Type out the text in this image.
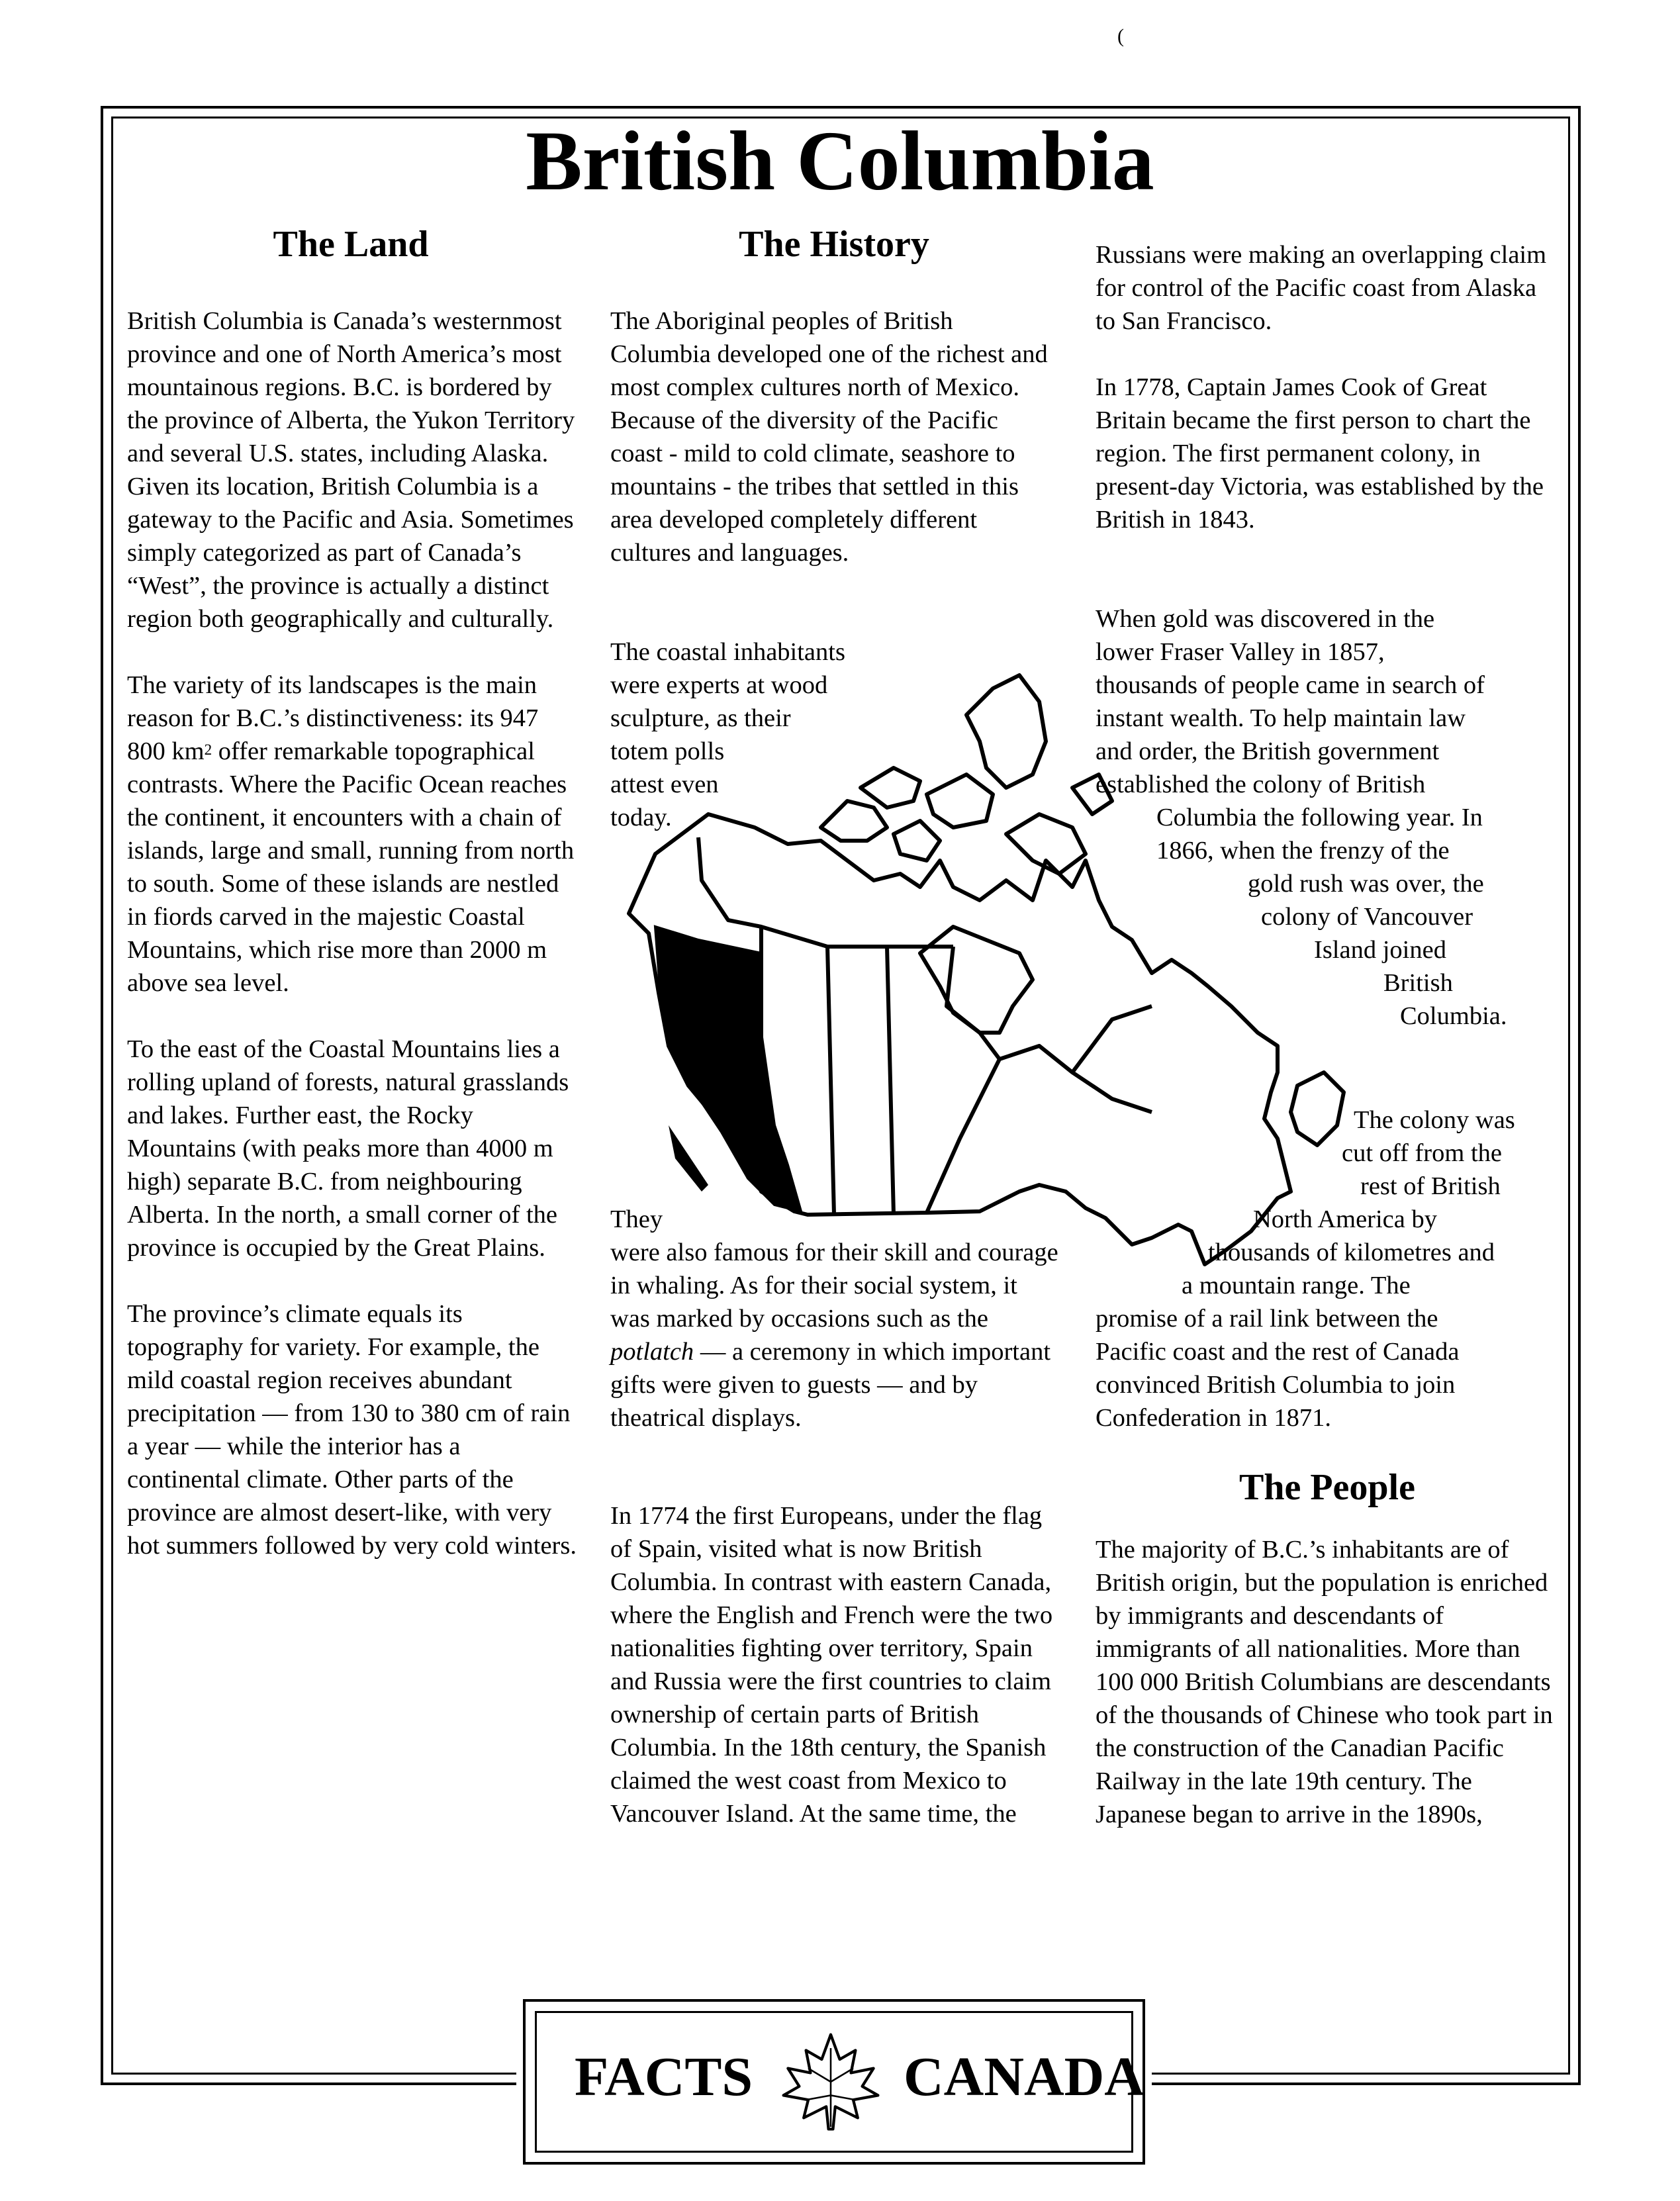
(
British Columbia
The Land

British Columbia is Canada’s westernmost province and one of North America’s most mountainous regions. B.C. is bordered by the province of Alberta, the Yukon Territory and several U.S. states, including Alaska. Given its location, British Columbia is a gateway to the Pacific and Asia. Sometimes simply categorized as part of Canada’s “West”, the province is actually a distinct region both geographically and culturally.

The variety of its landscapes is the main reason for B.C.’s distinctiveness: its 947 800 $km^2$ offer remarkable topographical contrasts. Where the Pacific Ocean reaches the continent, it encounters with a chain of islands, large and small, running from north to south. Some of these islands are nestled in fiords carved in the majestic Coastal Mountains, which rise more than 2000 m above sea level.

To the east of the Coastal Mountains lies a rolling upland of forests, natural grasslands and lakes. Further east, the Rocky Mountains (with peaks more than 4000 m high) separate B.C. from neighbouring Alberta. In the north, a small corner of the province is occupied by the Great Plains.

The province’s climate equals its topography for variety. For example, the mild coastal region receives abundant precipitation — from 130 to 380 cm of rain a year — while the interior has a continental climate. Other parts of the province are almost desert-like, with very hot summers followed by very cold winters.

The History
The Aboriginal peoples of British Columbia developed one of the richest and most complex cultures north of Mexico. Because of the diversity of the Pacific coast - mild to cold climate, seashore to mountains - the tribes that settled in this area developed completely different cultures and languages.
The coastal inhabitants
were experts at wood
sculpture, as their
totem polls
attest even
today.
They
were also famous for their skill and courage in whaling. As for their social system, it was marked by occasions such as the potlatch — a ceremony in which important gifts were given to guests — and by theatrical displays.
In 1774 the first Europeans, under the flag of Spain, visited what is now British Columbia. In contrast with eastern Canada, where the English and French were the two nationalities fighting over territory, Spain and Russia were the first countries to claim ownership of certain parts of British Columbia. In the 18th century, the Spanish claimed the west coast from Mexico to Vancouver Island. At the same time, the
Russians were making an overlapping claim for control of the Pacific coast from Alaska to San Francisco.
In 1778, Captain James Cook of Great Britain became the first person to chart the region. The first permanent colony, in present-day Victoria, was established by the British in 1843.
When gold was discovered in the
lower Fraser Valley in 1857,
thousands of people came in search of
instant wealth. To help maintain law
and order, the British government
established the colony of British
Columbia the following year. In
1866, when the frenzy of the
gold rush was over, the
colony of Vancouver
Island joined
British
Columbia.
The colony was
cut off from the
rest of British
North America by
thousands of kilometres and
a mountain range. The
promise of a rail link between the
Pacific coast and the rest of Canada
convinced British Columbia to join
Confederation in 1871.
The People
The majority of B.C.’s inhabitants are of British origin, but the population is enriched by immigrants and descendants of immigrants of all nationalities. More than 100 000 British Columbians are descendants of the thousands of Chinese who took part in the construction of the Canadian Pacific Railway in the late 19th century. The Japanese began to arrive in the 1890s,
FACTS	CANADA
